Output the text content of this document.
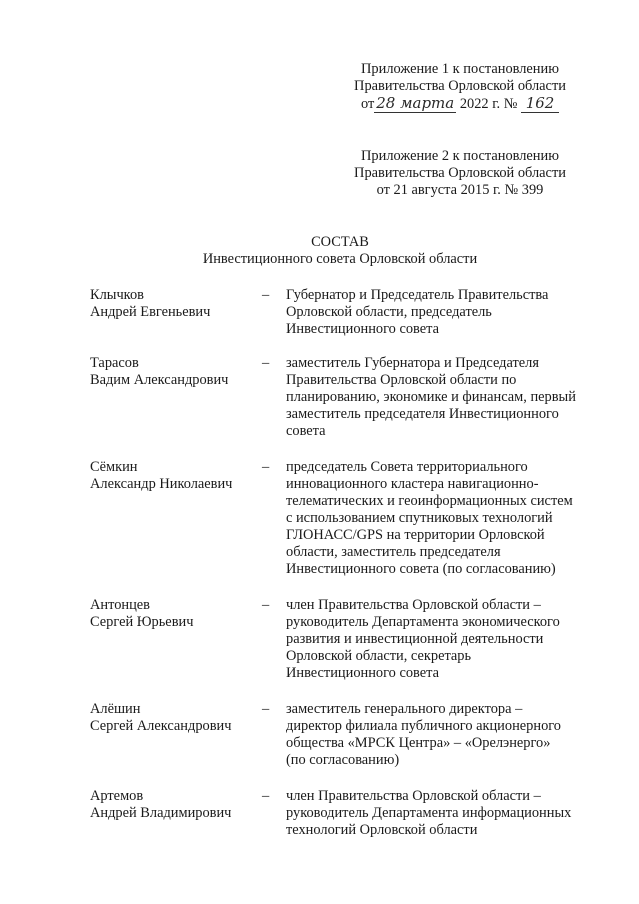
Приложение 1 к постановлению
Правительства Орловской области
от 28 марта 2022 г. № 162
Приложение 2 к постановлению
Правительства Орловской области
от 21 августа 2015 г. № 399
СОСТАВ
Инвестиционного совета Орловской области
Клычков
Андрей Евгеньевич
– Губернатор и Председатель Правительства
Орловской области, председатель
Инвестиционного совета
Тарасов
Вадим Александрович
– заместитель Губернатора и Председателя
Правительства Орловской области по
планированию, экономике и финансам, первый
заместитель председателя Инвестиционного
совета
Сёмкин
Александр Николаевич
– председатель Совета территориального
инновационного кластера навигационно-
телематических и геоинформационных систем
с использованием спутниковых технологий
ГЛОНАСС/GPS на территории Орловской
области, заместитель председателя
Инвестиционного совета (по согласованию)
Антонцев
Сергей Юрьевич
– член Правительства Орловской области –
руководитель Департамента экономического
развития и инвестиционной деятельности
Орловской области, секретарь
Инвестиционного совета
Алёшин
Сергей Александрович
– заместитель генерального директора –
директор филиала публичного акционерного
общества «МРСК Центра» – «Орелэнерго»
(по согласованию)
Артемов
Андрей Владимирович
– член Правительства Орловской области –
руководитель Департамента информационных
технологий Орловской области
